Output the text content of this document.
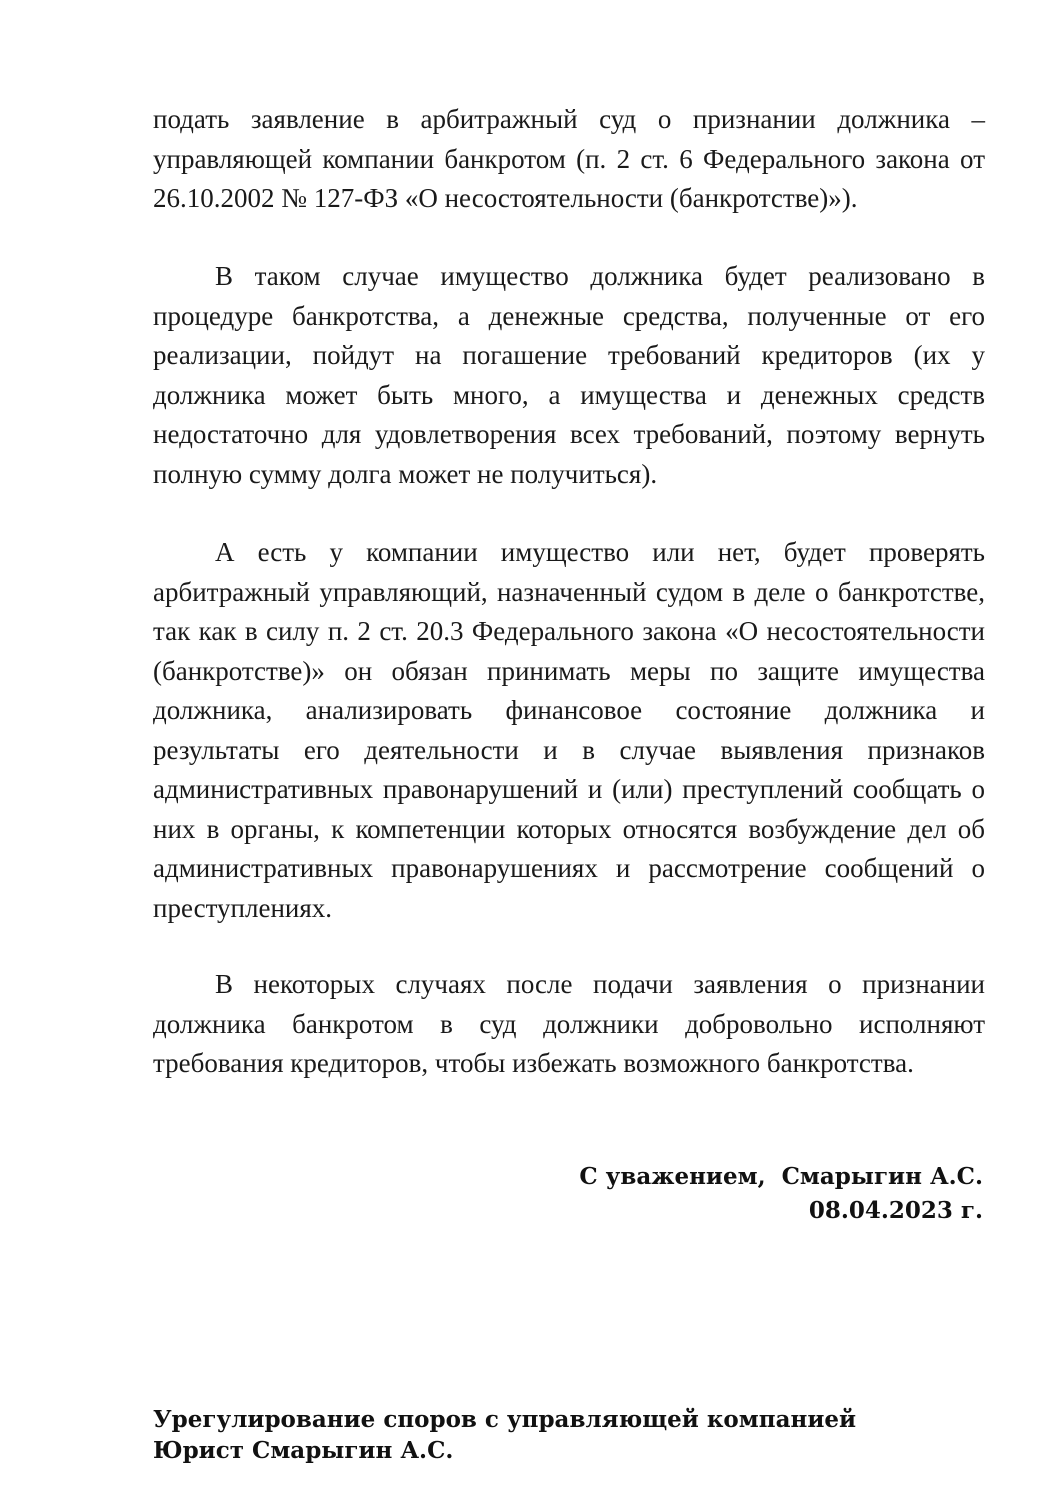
подать заявление в арбитражный суд о признании должника – управляющей компании банкротом (п. 2 ст. 6 Федерального закона от 26.10.2002 № 127-ФЗ «О несостоятельности (банкротстве)»).

В таком случае имущество должника будет реализовано в процедуре банкротства, а денежные средства, полученные от его реализации, пойдут на погашение требований кредиторов (их у должника может быть много, а имущества и денежных средств недостаточно для удовлетворения всех требований, поэтому вернуть полную сумму долга может не получиться).

А есть у компании имущество или нет, будет проверять арбитражный управляющий, назначенный судом в деле о банкротстве, так как в силу п. 2 ст. 20.3 Федерального закона «О несостоятельности (банкротстве)» он обязан принимать меры по защите имущества должника, анализировать финансовое состояние должника и результаты его деятельности и в случае выявления признаков административных правонарушений и (или) преступлений сообщать о них в органы, к компетенции которых относятся возбуждение дел об административных правонарушениях и рассмотрение сообщений о преступлениях.

В некоторых случаях после подачи заявления о признании должника банкротом в суд должники добровольно исполняют требования кредиторов, чтобы избежать возможного банкротства.

С уважением,  Смарыгин А.С.
08.04.2023 г.
Урегулирование споров с управляющей компанией
Юрист Смарыгин А.С.
